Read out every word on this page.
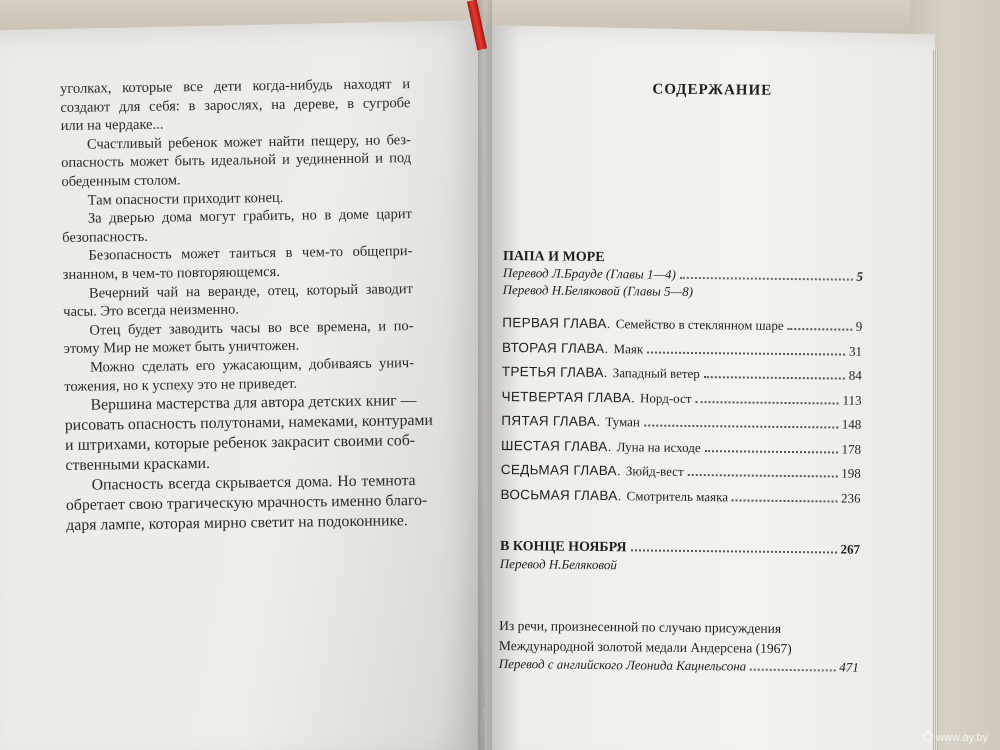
уголках, которые все дети когда-нибудь находят и
создают для себя: в зарослях, на дереве, в сугробе
или на чердаке...
Счастливый ребенок может найти пещеру, но без-
опасность может быть идеальной и уединенной и под
обеденным столом.
Там опасности приходит конец.
За дверью дома могут грабить, но в доме царит
безопасность.
Безопасность может таиться в чем-то общепри-
знанном, в чем-то повторяющемся.
Вечерний чай на веранде, отец, который заводит
часы. Это всегда неизменно.
Отец будет заводить часы во все времена, и по-
этому Мир не может быть уничтожен.
Можно сделать его ужасающим, добиваясь унич-
тожения, но к успеху это не приведет.
Вершина мастерства для автора детских книг —
рисовать опасность полутонами, намеками, контурами
и штрихами, которые ребенок закрасит своими соб-
ственными красками.
Опасность всегда скрывается дома. Но темнота
обретает свою трагическую мрачность именно благо-
даря лампе, которая мирно светит на подоконнике.
СОДЕРЖАНИЕ
ПАПА И МОРЕ
Перевод Л.Брауде (Главы 1—4)	5
Перевод Н.Беляковой (Главы 5—8)
ПЕРВАЯ ГЛАВА. Семейство в стеклянном шаре	9
ВТОРАЯ ГЛАВА. Маяк	31
ТРЕТЬЯ ГЛАВА. Западный ветер	84
ЧЕТВЕРТАЯ ГЛАВА. Норд-ост	113
ПЯТАЯ ГЛАВА. Туман	148
ШЕСТАЯ ГЛАВА. Луна на исходе	178
СЕДЬМАЯ ГЛАВА. Зюйд-вест	198
ВОСЬМАЯ ГЛАВА. Смотритель маяка	236
В КОНЦЕ НОЯБРЯ	267
Перевод Н.Беляковой
Из речи, произнесенной по случаю присуждения
Международной золотой медали Андерсена (1967)
Перевод с английского Леонида Кацнельсона	471
www.ay.by
